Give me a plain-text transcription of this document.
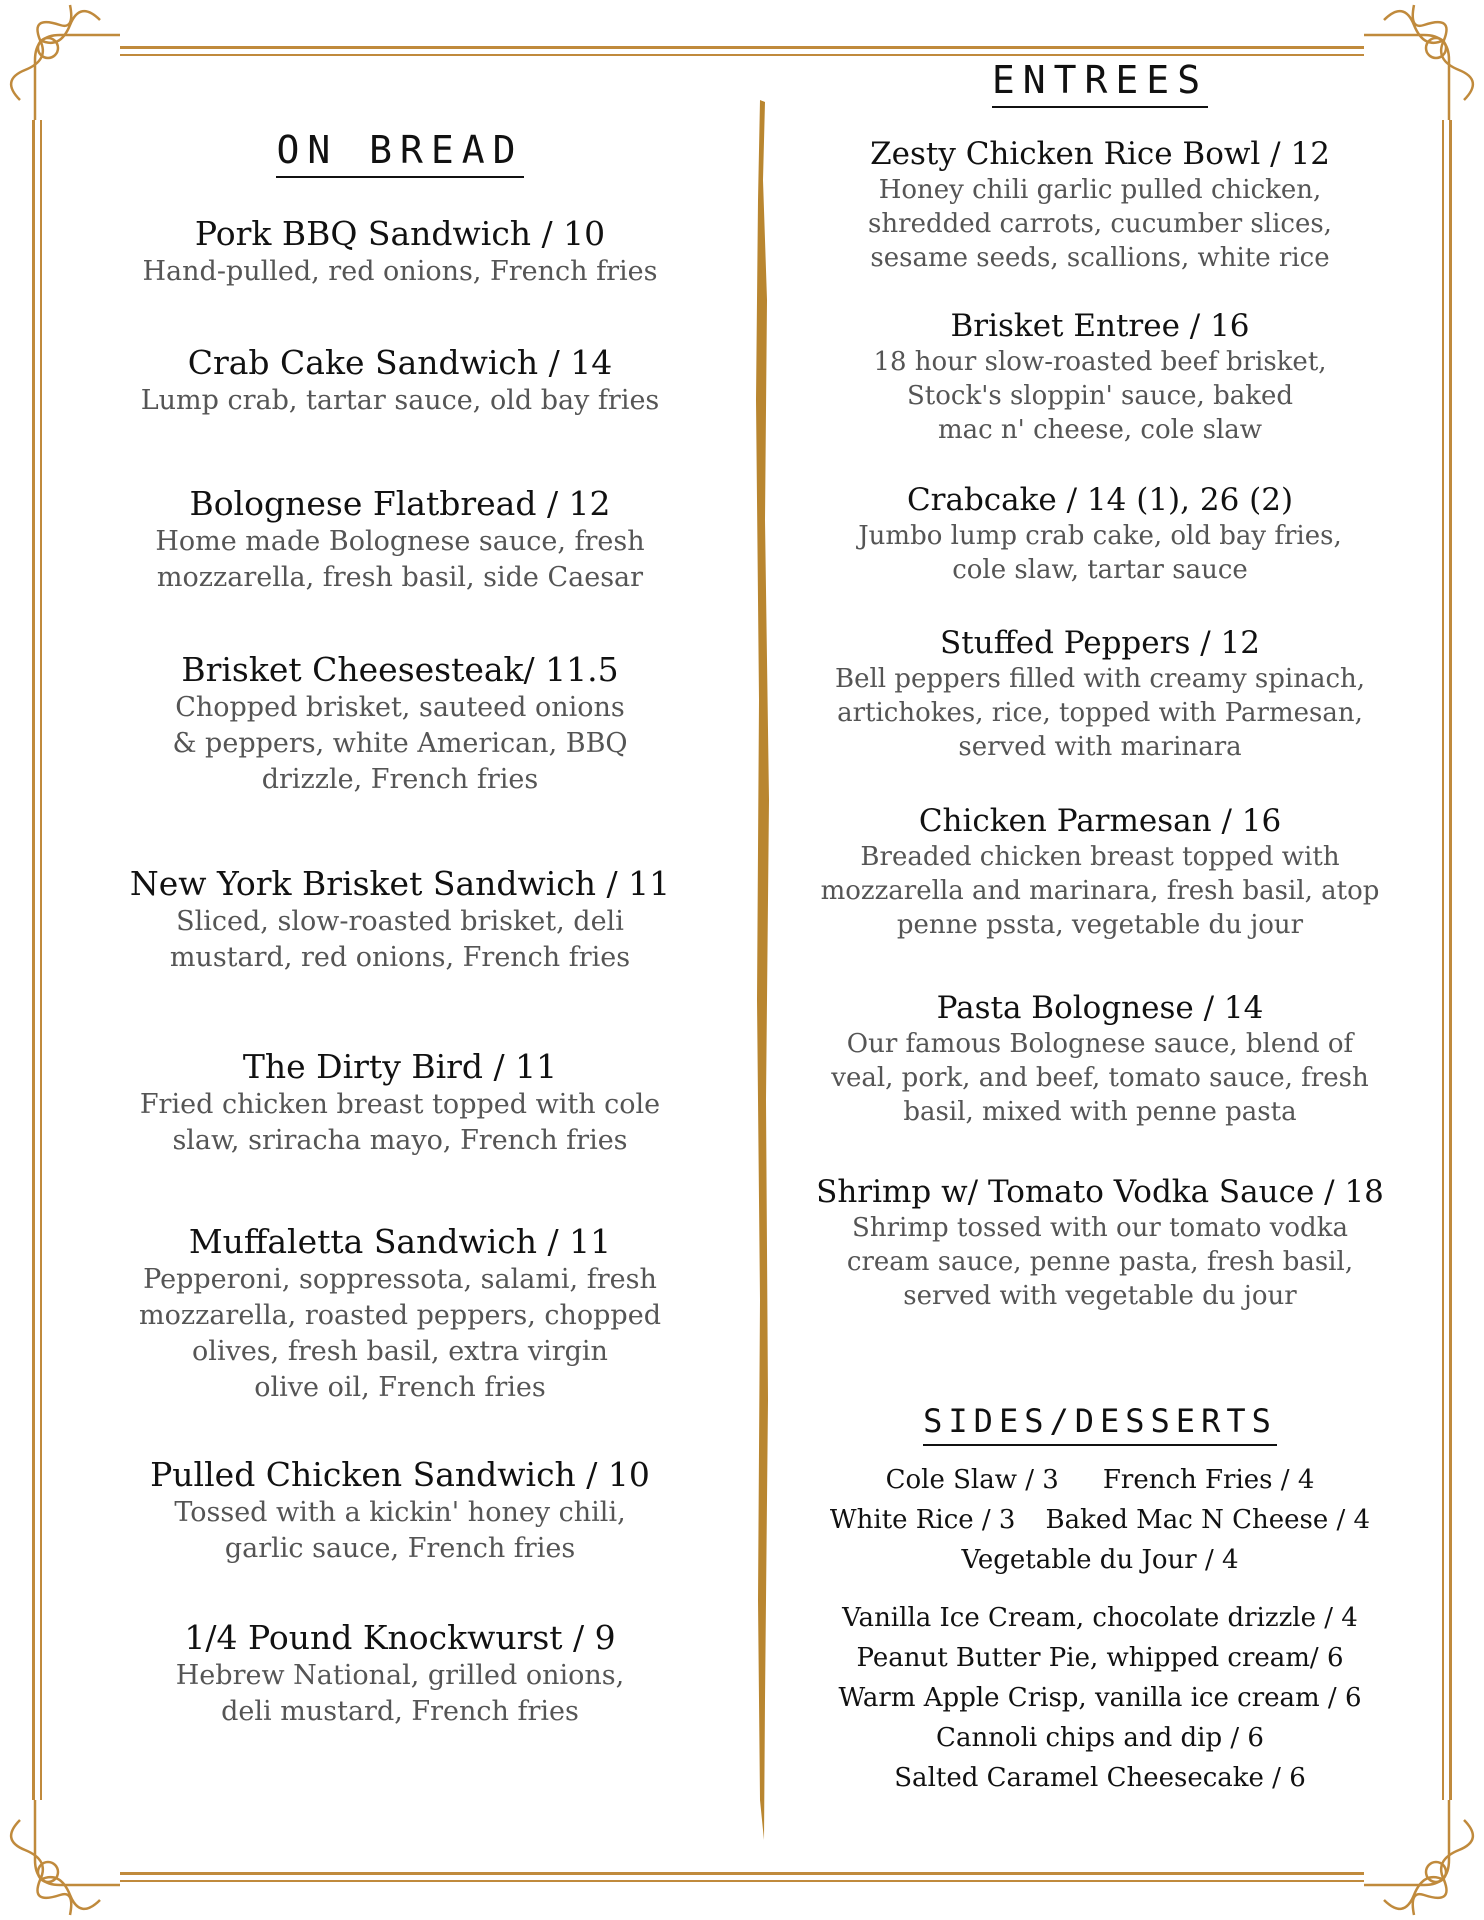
ON BREAD
Pork BBQ Sandwich / 10
Hand-pulled, red onions, French fries
Crab Cake Sandwich / 14
Lump crab, tartar sauce, old bay fries
Bolognese Flatbread / 12
Home made Bolognese sauce, fresh
mozzarella, fresh basil, side Caesar
Brisket Cheesesteak/ 11.5
Chopped brisket, sauteed onions
& peppers, white American, BBQ
drizzle, French fries
New York Brisket Sandwich / 11
Sliced, slow-roasted brisket, deli
mustard, red onions, French fries
The Dirty Bird / 11
Fried chicken breast topped with cole
slaw, sriracha mayo, French fries
Muffaletta Sandwich / 11
Pepperoni, soppressota, salami, fresh
mozzarella, roasted peppers, chopped
olives, fresh basil, extra virgin
olive oil, French fries
Pulled Chicken Sandwich / 10
Tossed with a kickin' honey chili,
garlic sauce, French fries
1/4 Pound Knockwurst / 9
Hebrew National, grilled onions,
deli mustard, French fries
ENTREES
Zesty Chicken Rice Bowl / 12
Honey chili garlic pulled chicken,
shredded carrots, cucumber slices,
sesame seeds, scallions, white rice
Brisket Entree / 16
18 hour slow-roasted beef brisket,
Stock's sloppin' sauce, baked
mac n' cheese, cole slaw
Crabcake / 14 (1), 26 (2)
Jumbo lump crab cake, old bay fries,
cole slaw, tartar sauce
Stuffed Peppers / 12
Bell peppers filled with creamy spinach,
artichokes, rice, topped with Parmesan,
served with marinara
Chicken Parmesan / 16
Breaded chicken breast topped with
mozzarella and marinara, fresh basil, atop
penne pssta, vegetable du jour
Pasta Bolognese / 14
Our famous Bolognese sauce, blend of
veal, pork, and beef, tomato sauce, fresh
basil, mixed with penne pasta
Shrimp w/ Tomato Vodka Sauce / 18
Shrimp tossed with our tomato vodka
cream sauce, penne pasta, fresh basil,
served with vegetable du jour
SIDES/DESSERTS
Cole Slaw / 3 French Fries / 4
White Rice / 3 Baked Mac N Cheese / 4
Vegetable du Jour / 4
Vanilla Ice Cream, chocolate drizzle / 4
Peanut Butter Pie, whipped cream/ 6
Warm Apple Crisp, vanilla ice cream / 6
Cannoli chips and dip / 6
Salted Caramel Cheesecake / 6
